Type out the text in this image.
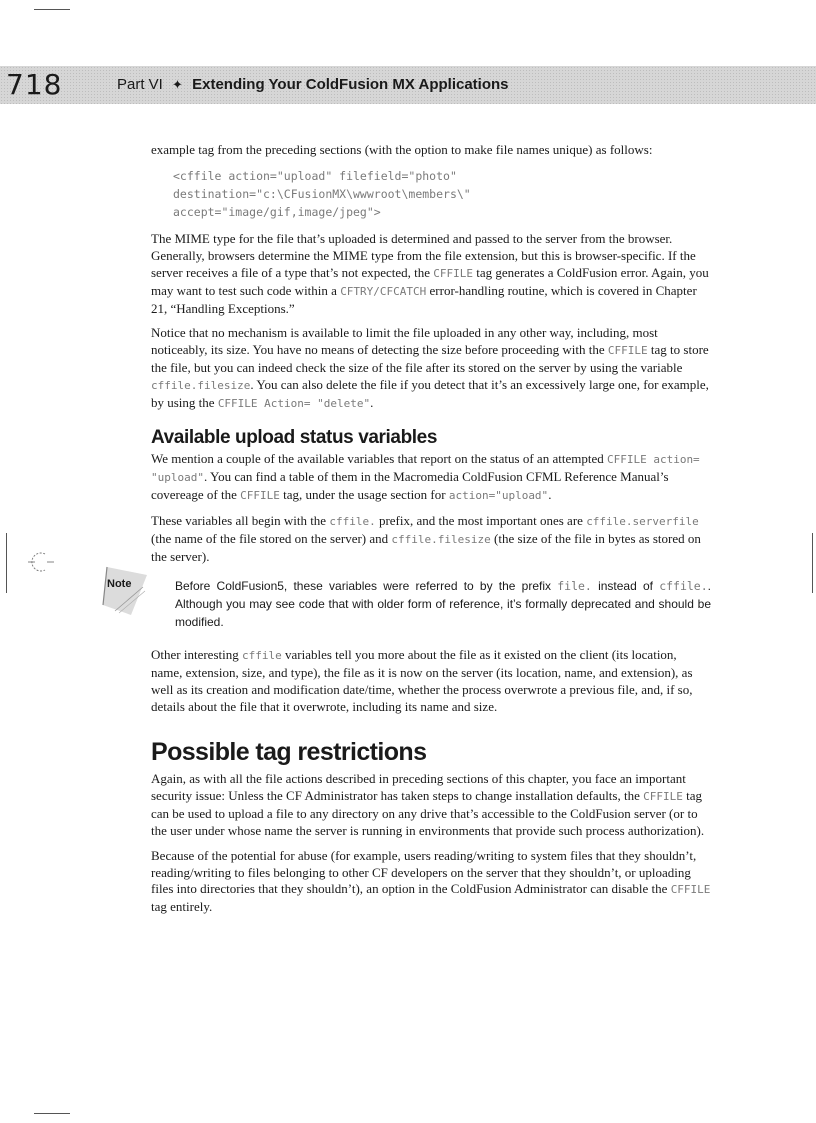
718	Part VI ✦ Extending Your ColdFusion MX Applications

example tag from the preceding sections (with the option to make file names unique) as follows:

<cffile action="upload" filefield="photo"
destination="c:\CFusionMX\wwwroot\members\"
accept="image/gif,image/jpeg">

The MIME type for the file that’s uploaded is determined and passed to the server from the browser. Generally, browsers determine the MIME type from the file extension, but this is browser-specific. If the server receives a file of a type that’s not expected, the CFFILE tag generates a ColdFusion error. Again, you may want to test such code within a CFTRY/CFCATCH error-handling routine, which is covered in Chapter 21, “Handling Exceptions.”

Notice that no mechanism is available to limit the file uploaded in any other way, including, most noticeably, its size. You have no means of detecting the size before proceeding with the CFFILE tag to store the file, but you can indeed check the size of the file after its stored on the server by using the variable cffile.filesize. You can also delete the file if you detect that it’s an excessively large one, for example, by using the CFFILE Action= "delete".

Available upload status variables

We mention a couple of the available variables that report on the status of an attempted CFFILE action= "upload". You can find a table of them in the Macromedia ColdFusion CFML Reference Manual’s covereage of the CFFILE tag, under the usage section for action="upload".

These variables all begin with the cffile. prefix, and the most important ones are cffile.serverfile (the name of the file stored on the server) and cffile.filesize (the size of the file in bytes as stored on the server).

Note	Before ColdFusion5, these variables were referred to by the prefix file. instead of cffile.. Although you may see code that with older form of reference, it’s formally deprecated and should be modified.

Other interesting cffile variables tell you more about the file as it existed on the client (its location, name, extension, size, and type), the file as it is now on the server (its location, name, and extension), as well as its creation and modification date/time, whether the process overwrote a previous file, and, if so, details about the file that it overwrote, including its name and size.

Possible tag restrictions

Again, as with all the file actions described in preceding sections of this chapter, you face an important security issue: Unless the CF Administrator has taken steps to change installation defaults, the CFFILE tag can be used to upload a file to any directory on any drive that’s accessible to the ColdFusion server (or to the user under whose name the server is running in environments that provide such process authorization).

Because of the potential for abuse (for example, users reading/writing to system files that they shouldn’t, reading/writing to files belonging to other CF developers on the server that they shouldn’t, or uploading files into directories that they shouldn’t), an option in the ColdFusion Administrator can disable the CFFILE tag entirely.
